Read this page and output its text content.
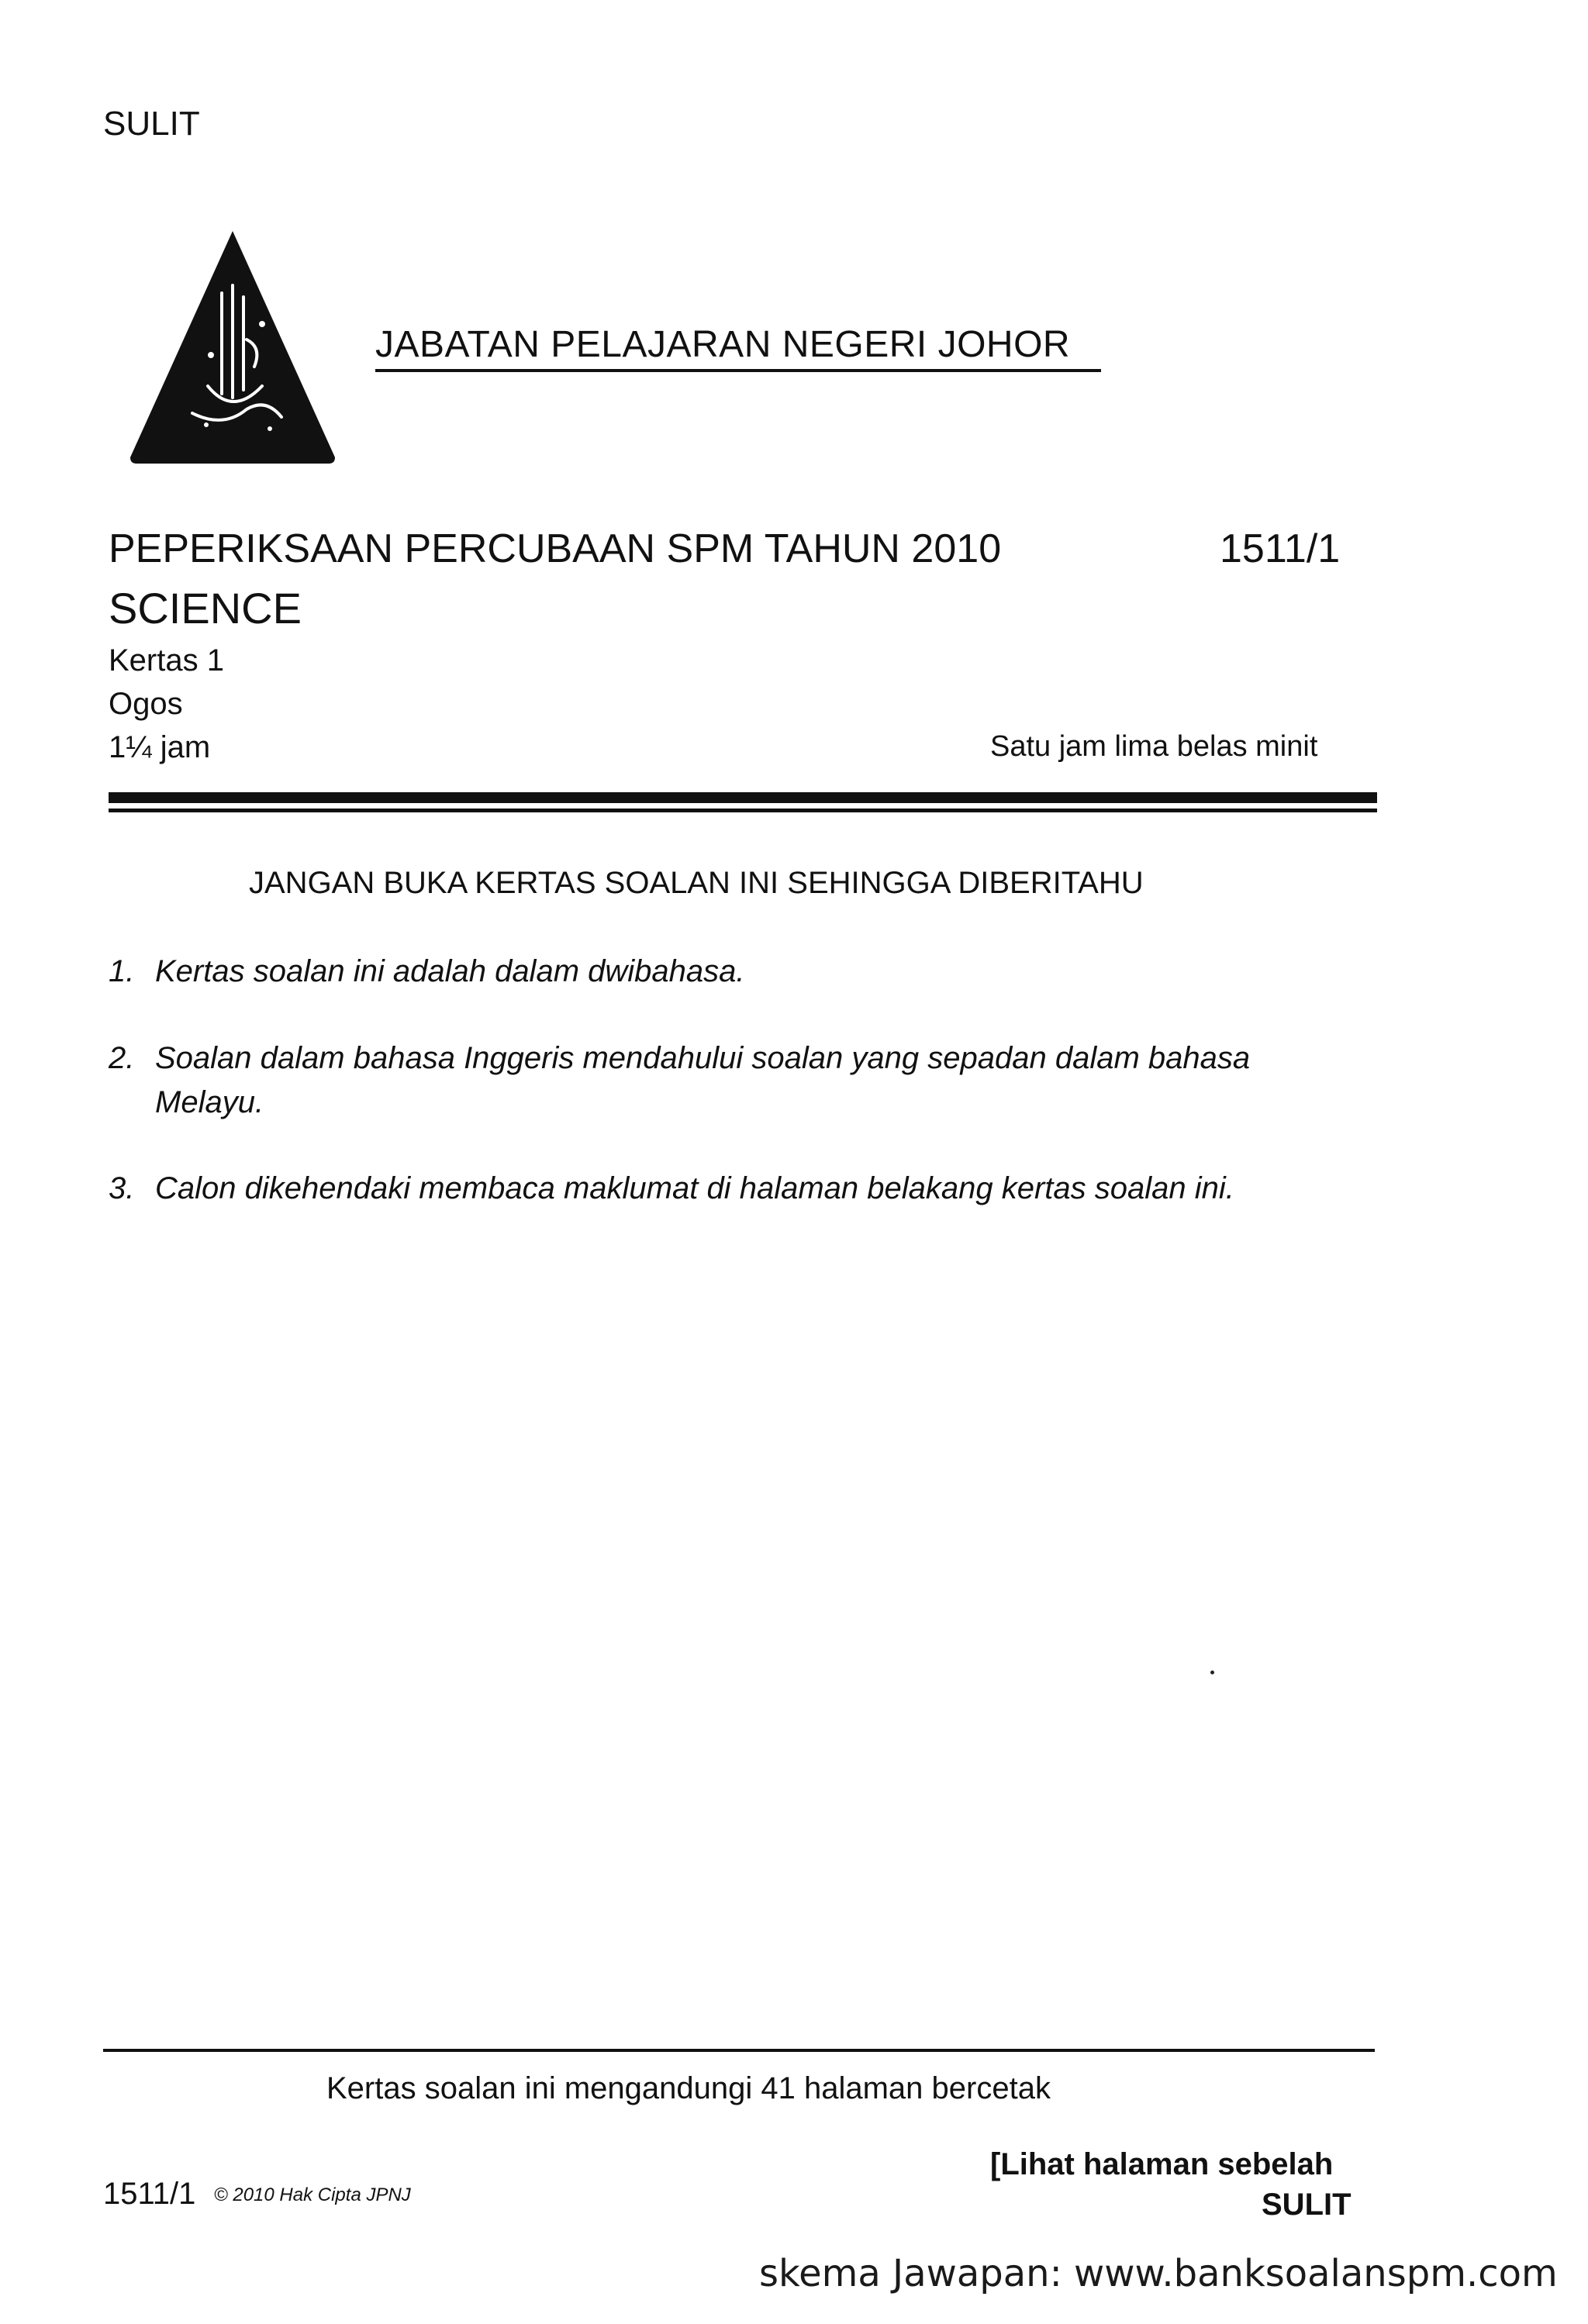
SULIT
JABATAN PELAJARAN NEGERI JOHOR
PEPERIKSAAN PERCUBAAN SPM TAHUN 2010	1511/1
SCIENCE
Kertas 1
Ogos
1¼ jam	Satu jam lima belas minit
JANGAN BUKA KERTAS SOALAN INI SEHINGGA DIBERITAHU
1. Kertas soalan ini adalah dalam dwibahasa.
2. Soalan dalam bahasa Inggeris mendahului soalan yang sepadan dalam bahasa
Melayu.
3. Calon dikehendaki membaca maklumat di halaman belakang kertas soalan ini.
Kertas soalan ini mengandungi 41 halaman bercetak
[Lihat halaman sebelah
1511/1 © 2010 Hak Cipta JPNJ	SULIT
skema Jawapan: www.banksoalanspm.com
